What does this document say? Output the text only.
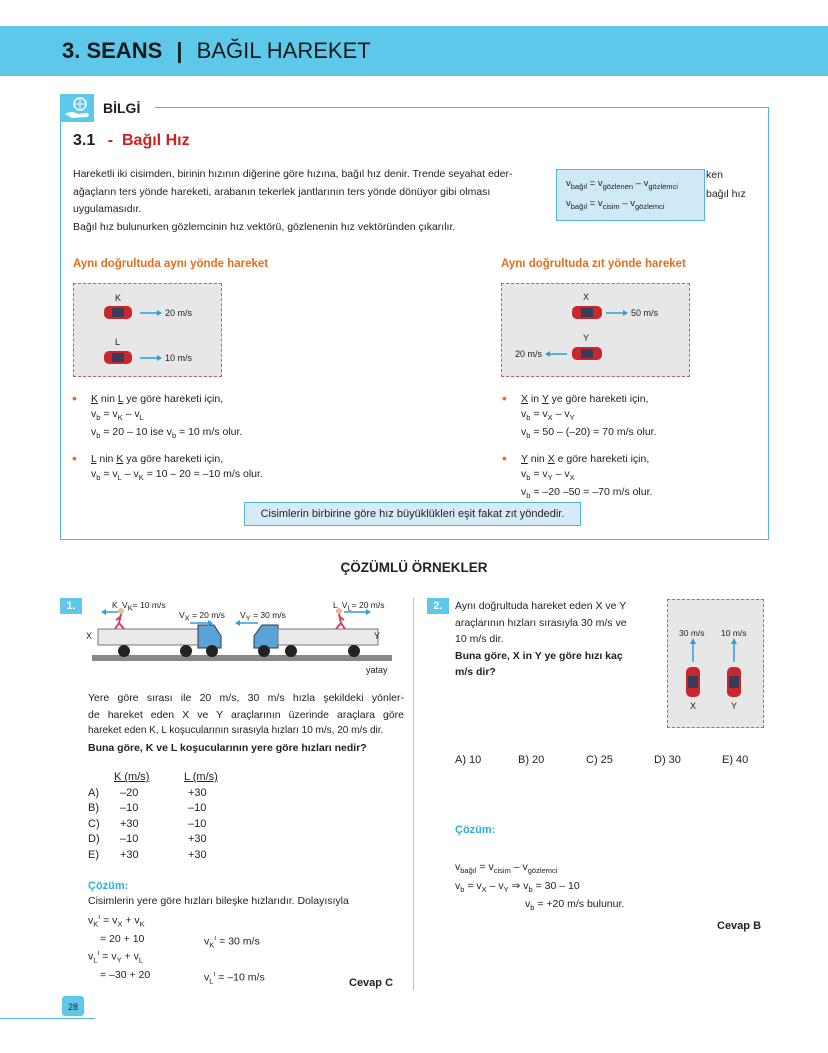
3. SEANS | BAĞIL HAREKET
BİLGİ
3.1 - Bağıl Hız
Hareketli iki cisimden, birinin hızının diğerine göre hızına, bağıl hız denir. Trende seyahat eder-
ağaçların ters yönde hareketi, arabanın tekerlek jantlarının ters yönde dönüyor gibi olması
uygulamasıdır.
Bağıl hız bulunurken gözlemcinin hız vektörü, gözlenenin hız vektöründen çıkarılır.
ken
bağıl hız
$v_{bağıl} = v_{gözlenen} - v_{gözlemci}$
$v_{bağıl} = v_{cisim} - v_{gözlemci}$
Aynı doğrultuda aynı yönde hareket
K
20 m/s
L
10 m/s
• K nin L ye göre hareketi için,
$v_b = v_K - v_L$
$v_b = 20 - 10$ ise $v_b = 10$ m/s olur.
• L nin K ya göre hareketi için,
$v_b = v_L - v_K = 10 - 20 = -10$ m/s olur.
Aynı doğrultuda zıt yönde hareket
X
50 m/s
Y
20 m/s
• X in Y ye göre hareketi için,
$v_b = v_X - v_Y$
$v_b = 50 - (-20) = 70$ m/s olur.
• Y nin X e göre hareketi için,
$v_b = v_Y - v_X$
$v_b = -20$ –50 = –70 m/s olur.
Cisimlerin birbirine göre hız büyüklükleri eşit fakat zıt yöndedir.
ÇÖZÜMLÜ ÖRNEKLER
1.	K $V_K= 10$ m/s
$V_X = 20$ m/s $V_Y = 30$ m/s
L $V_L= 20$ m/s
X	Y
yatay
Yere göre sırası ile 20 m/s, 30 m/s hızla şekildeki yönler-
de hareket eden X ve Y araçlarının üzerinde araçlara göre
hareket eden K, L koşucularının sırasıyla hızları 10 m/s, 20 m/s dir.
Buna göre, K ve L koşucularının yere göre hızları nedir?
K (m/s)	L (m/s)
A) –20	+30
B) –10	–10
C) +30	–10
D) –10	+30
E) +30	+30
Çözüm:
Cisimlerin yere göre hızları bileşke hızlarıdır. Dolayısıyla
$v_K^ı = v_X + v_K$
= 20 + 10	$v_K^ı = 30$ m/s
$v_L^ı = v_Y + v_L$
= –30 + 20	$v_L^ı = -10$ m/s	Cevap C
2.	Aynı doğrultuda hareket eden X ve Y
araçlarının hızları sırasıyla 30 m/s ve
10 m/s dir.
Buna göre, X in Y ye göre hızı kaç
m/s dir?
30 m/s 10 m/s
X	Y
A) 10	B) 20	C) 25	D) 30	E) 40
Çözüm:
$v_{bağıl} = v_{cisim} - v_{gözlemci}$
$v_b = v_X - v_Y$ ⇒ $v_b = 30 - 10$
$v_b = +20$ m/s bulunur.
Cevap B
28
